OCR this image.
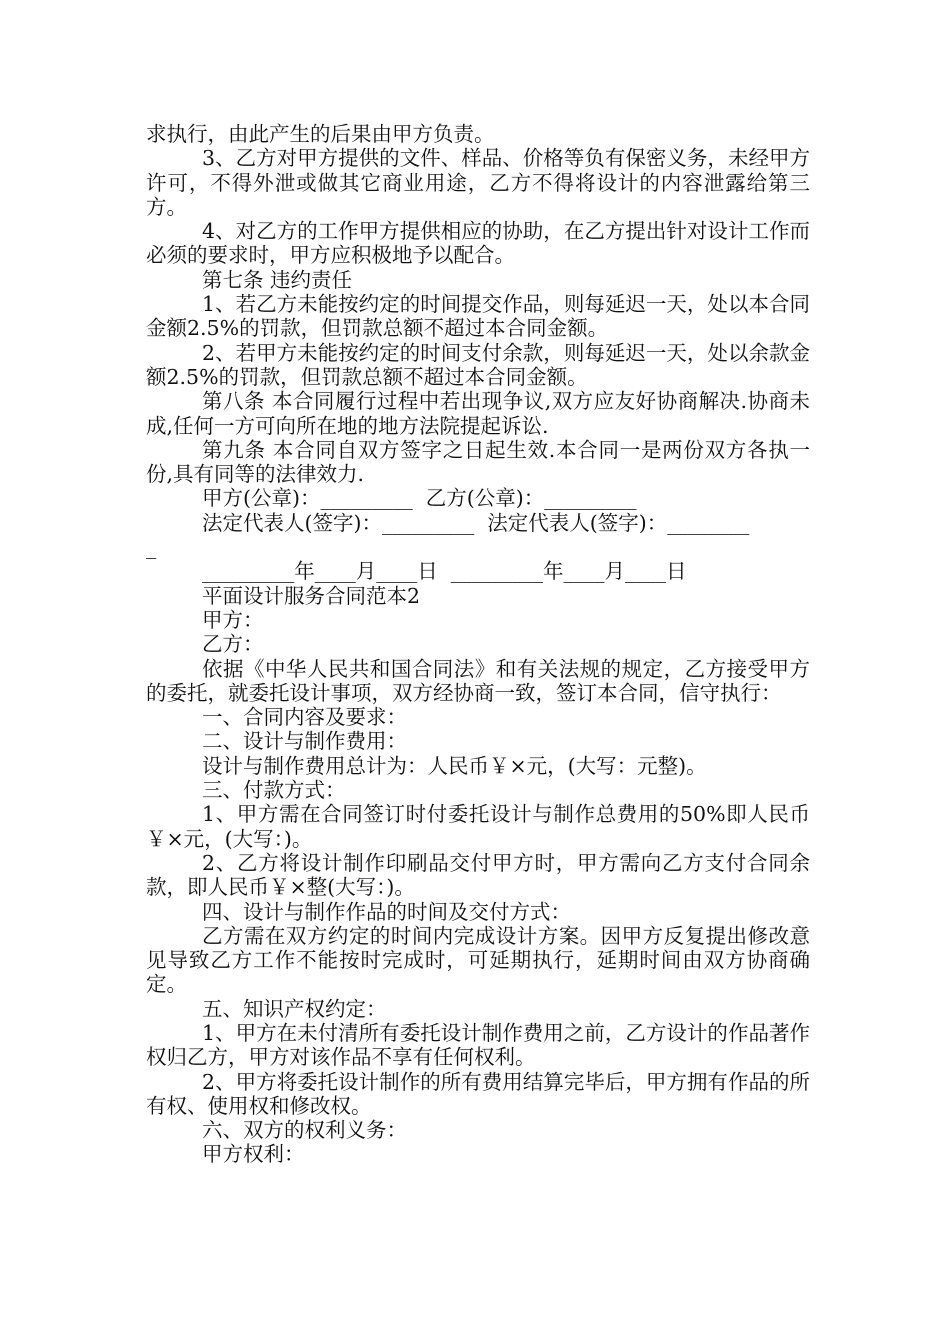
求执行，由此产生的后果由甲方负责。

3、乙方对甲方提供的文件、样品、价格等负有保密义务，未经甲方许可，不得外泄或做其它商业用途，乙方不得将设计的内容泄露给第三方。

4、对乙方的工作甲方提供相应的协助，在乙方提出针对设计工作而必须的要求时，甲方应积极地予以配合。

第七条 违约责任

1、若乙方未能按约定的时间提交作品，则每延迟一天，处以本合同金额2.5%的罚款，但罚款总额不超过本合同金额。

2、若甲方未能按约定的时间支付余款，则每延迟一天，处以余款金额2.5%的罚款，但罚款总额不超过本合同金额。

第八条 本合同履行过程中若出现争议,双方应友好协商解决.协商未成,任何一方可向所在地的地方法院提起诉讼.

第九条 本合同自双方签字之日起生效.本合同一是两份双方各执一份,具有同等的法律效力.

甲方(公章)：_________  乙方(公章)：_________

法定代表人(签字)：_________  法定代表人(签字)：________

_

_________年____月____日  _________年____月____日

平面设计服务合同范本2

甲方：

乙方：

依据《中华人民共和国合同法》和有关法规的规定，乙方接受甲方的委托，就委托设计事项，双方经协商一致，签订本合同，信守执行：

一、合同内容及要求：

二、设计与制作费用：

设计与制作费用总计为：人民币￥×元，(大写：元整)。

三、付款方式：

1、甲方需在合同签订时付委托设计与制作总费用的50%即人民币￥×元，(大写：)。

2、乙方将设计制作印刷品交付甲方时，甲方需向乙方支付合同余款，即人民币￥×整(大写：)。

四、设计与制作作品的时间及交付方式：

乙方需在双方约定的时间内完成设计方案。因甲方反复提出修改意见导致乙方工作不能按时完成时，可延期执行，延期时间由双方协商确定。

五、知识产权约定：

1、甲方在未付清所有委托设计制作费用之前，乙方设计的作品著作权归乙方，甲方对该作品不享有任何权利。

2、甲方将委托设计制作的所有费用结算完毕后，甲方拥有作品的所有权、使用权和修改权。

六、双方的权利义务：

甲方权利：
